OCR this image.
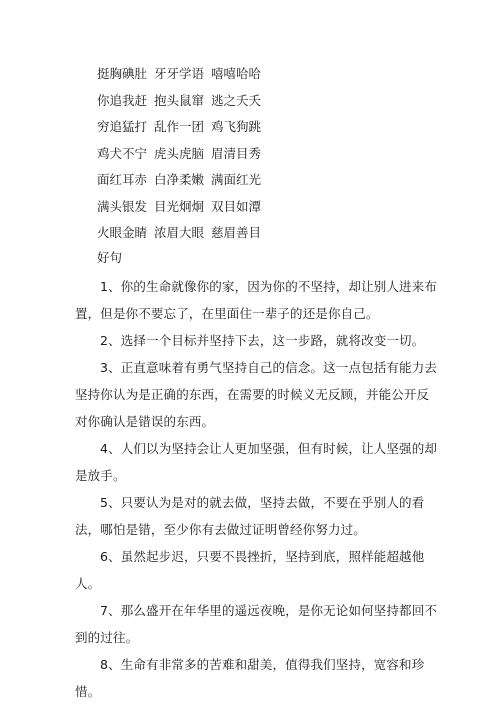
挺胸碘肚 牙牙学语 嘻嘻哈哈
你追我赶 抱头鼠窜 逃之夭夭
穷追猛打 乱作一团 鸡飞狗跳
鸡犬不宁 虎头虎脑 眉清目秀
面红耳赤 白净柔嫩 满面红光
满头银发 目光炯炯 双目如潭
火眼金睛 浓眉大眼 慈眉善目
好句

1、你的生命就像你的家，因为你的不坚持，却让别人进来布置，但是你不要忘了，在里面住一辈子的还是你自己。

2、选择一个目标并坚持下去，这一步路，就将改变一切。

3、正直意味着有勇气坚持自己的信念。这一点包括有能力去坚持你认为是正确的东西，在需要的时候义无反顾，并能公开反对你确认是错误的东西。

4、人们以为坚持会让人更加坚强，但有时候，让人坚强的却是放手。

5、只要认为是对的就去做，坚持去做，不要在乎别人的看法，哪怕是错，至少你有去做过证明曾经你努力过。

6、虽然起步迟，只要不畏挫折，坚持到底，照样能超越他人。

7、那么盛开在年华里的遥远夜晚，是你无论如何坚持都回不到的过往。

8、生命有非常多的苦难和甜美，值得我们坚持，宽容和珍惜。
